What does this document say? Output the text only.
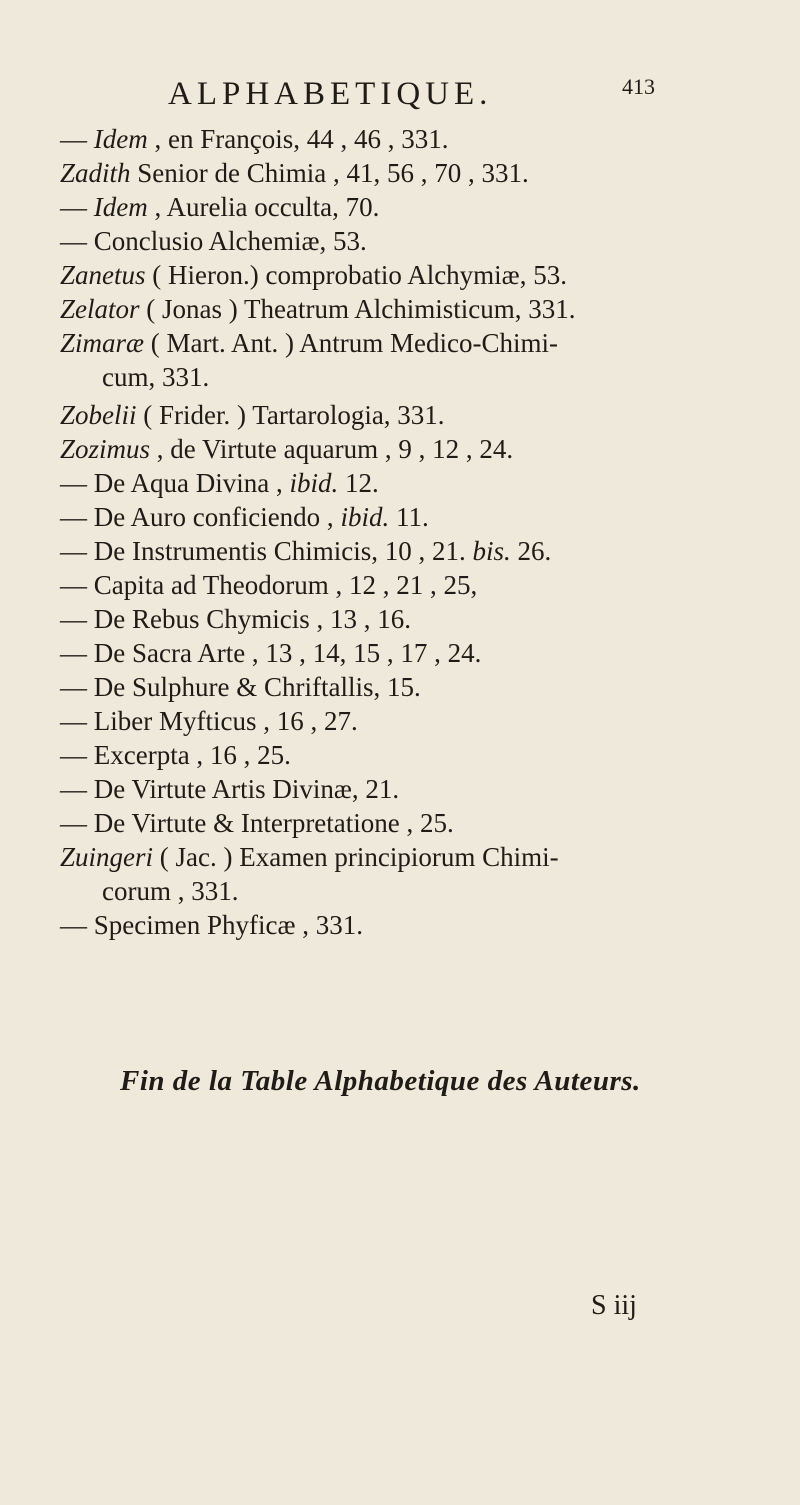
ALPHABETIQUE.	413
— Idem , en François, 44 , 46 , 331.
Zadith Senior de Chimia , 41, 56 , 70 , 331.
— Idem , Aurelia occulta, 70.
— Conclusio Alchemiæ, 53.
Zanetus ( Hieron.) comprobatio Alchymiæ, 53.
Zelator ( Jonas ) Theatrum Alchimisticum, 331.
Zimaræ ( Mart. Ant. ) Antrum Medico-Chimi-
cum, 331.
Zobelii ( Frider. ) Tartarologia, 331.
Zozimus , de Virtute aquarum , 9 , 12 , 24.
— De Aqua Divina , ibid. 12.
— De Auro conficiendo , ibid. 11.
— De Instrumentis Chimicis, 10 , 21. bis. 26.
— Capita ad Theodorum , 12 , 21 , 25,
— De Rebus Chymicis , 13 , 16.
— De Sacra Arte , 13 , 14, 15 , 17 , 24.
— De Sulphure & Chriftallis, 15.
— Liber Myfticus , 16 , 27.
— Excerpta , 16 , 25.
— De Virtute Artis Divinæ, 21.
— De Virtute & Interpretatione , 25.
Zuingeri ( Jac. ) Examen principiorum Chimi-
corum , 331.
— Specimen Phyficæ , 331.
Fin de la Table Alphabetique des Auteurs.
S iij
